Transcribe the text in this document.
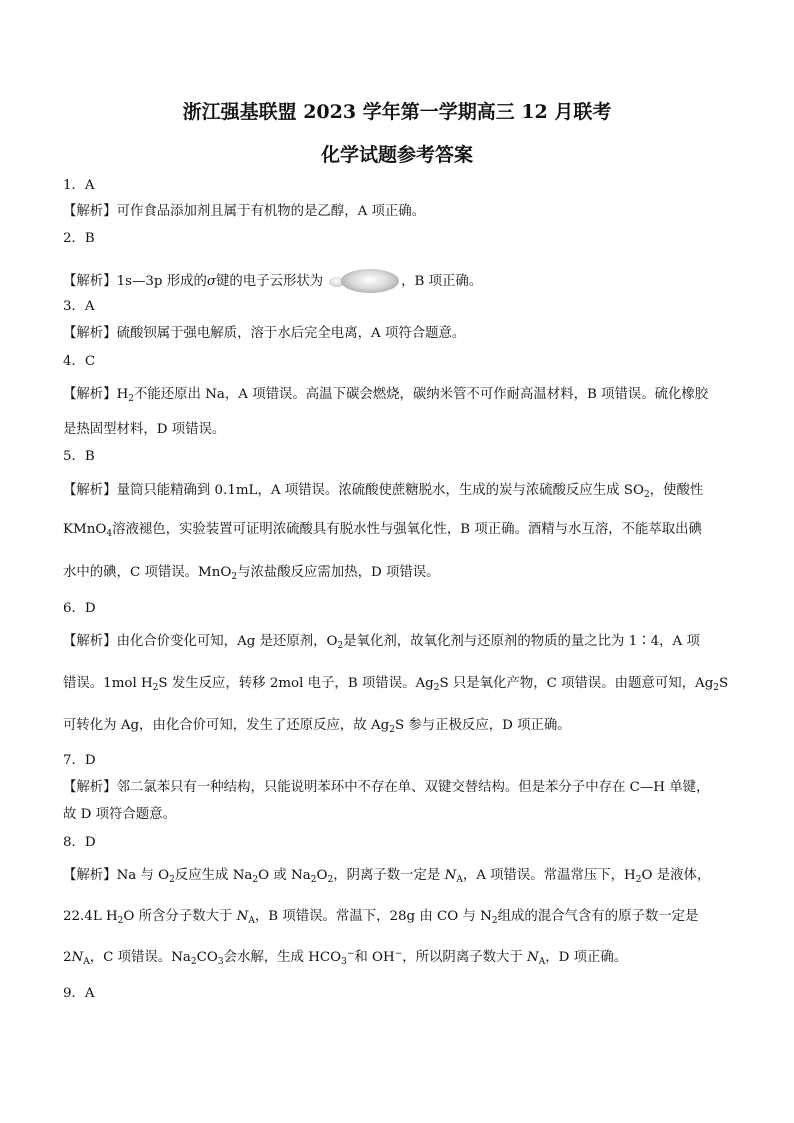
浙江强基联盟 2023 学年第一学期高三 12 月联考
化学试题参考答案
1．A
【解析】可作食品添加剂且属于有机物的是乙醇，A 项正确。
2．B
【解析】1s—3p 形成的σ键的电子云形状为	，B 项正确。
3．A
【解析】硫酸钡属于强电解质，溶于水后完全电离，A 项符合题意。
4．C
【解析】$H_2$不能还原出 Na，A 项错误。高温下碳会燃烧，碳纳米管不可作耐高温材料，B 项错误。硫化橡胶
是热固型材料，D 项错误。
5．B
【解析】量筒只能精确到 0.1mL，A 项错误。浓硫酸使蔗糖脱水，生成的炭与浓硫酸反应生成 $SO_2$，使酸性
KMnO$_4$溶液褪色，实验装置可证明浓硫酸具有脱水性与强氧化性，B 项正确。酒精与水互溶，不能萃取出碘
水中的碘，C 项错误。MnO$_2$与浓盐酸反应需加热，D 项错误。
6．D
【解析】由化合价变化可知，Ag 是还原剂，$O_2$是氧化剂，故氧化剂与还原剂的物质的量之比为 1∶4，A 项
错误。1mol $H_2S$ 发生反应，转移 2mol 电子，B 项错误。$Ag_2S$ 只是氧化产物，C 项错误。由题意可知，$Ag_2S$
可转化为 Ag，由化合价可知，发生了还原反应，故 $Ag_2S$ 参与正极反应，D 项正确。
7．D
【解析】邻二氯苯只有一种结构，只能说明苯环中不存在单、双键交替结构。但是苯分子中存在 C—H 单键，
故 D 项符合题意。
8．D
【解析】Na 与 $O_2$反应生成 $Na_2O$ 或 $Na_2O_2$，阴离子数一定是 $N_A$，A 项错误。常温常压下，$H_2O$ 是液体，
22.4L $H_2O$ 所含分子数大于 $N_A$，B 项错误。常温下，28g 由 CO 与 $N_2$组成的混合气含有的原子数一定是
$2N_A$，C 项错误。$Na_2CO_3$会水解，生成 $HCO_3^-$和 OH−，所以阴离子数大于 $N_A$，D 项正确。
9．A
